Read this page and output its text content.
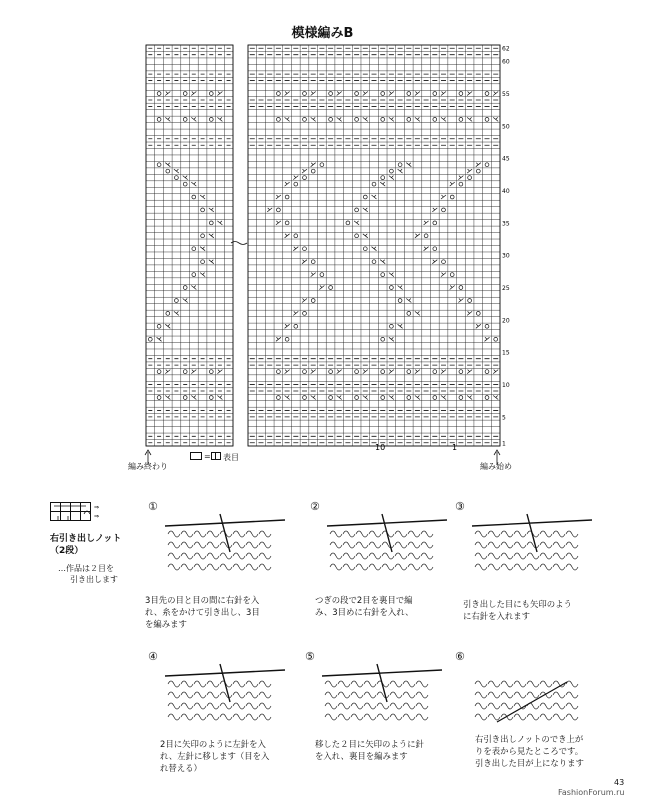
模様編みB
1
5
10
15
20
25
30
35
40
45
50
55
60
62
10	1
編み終わり	編み始め
= 表目
⇒
⇒
右引き出しノット
（2段）
…作品は２目を
引き出します
①
3目先の目と目の間に右針を入
れ、糸をかけて引き出し、3目
を編みます
②
つぎの段で2目を裏目で編
み、3目めに右針を入れ、
③
引き出した目にも矢印のよう
に右針を入れます
④
2目に矢印のように左針を入
れ、左針に移します（目を入
れ替える）
⑤
移した２目に矢印のように針
を入れ、裏目を編みます
⑥
右引き出しノットのでき上が
りを表から見たところです。
引き出した目が上になります
43
FashionForum.ru
